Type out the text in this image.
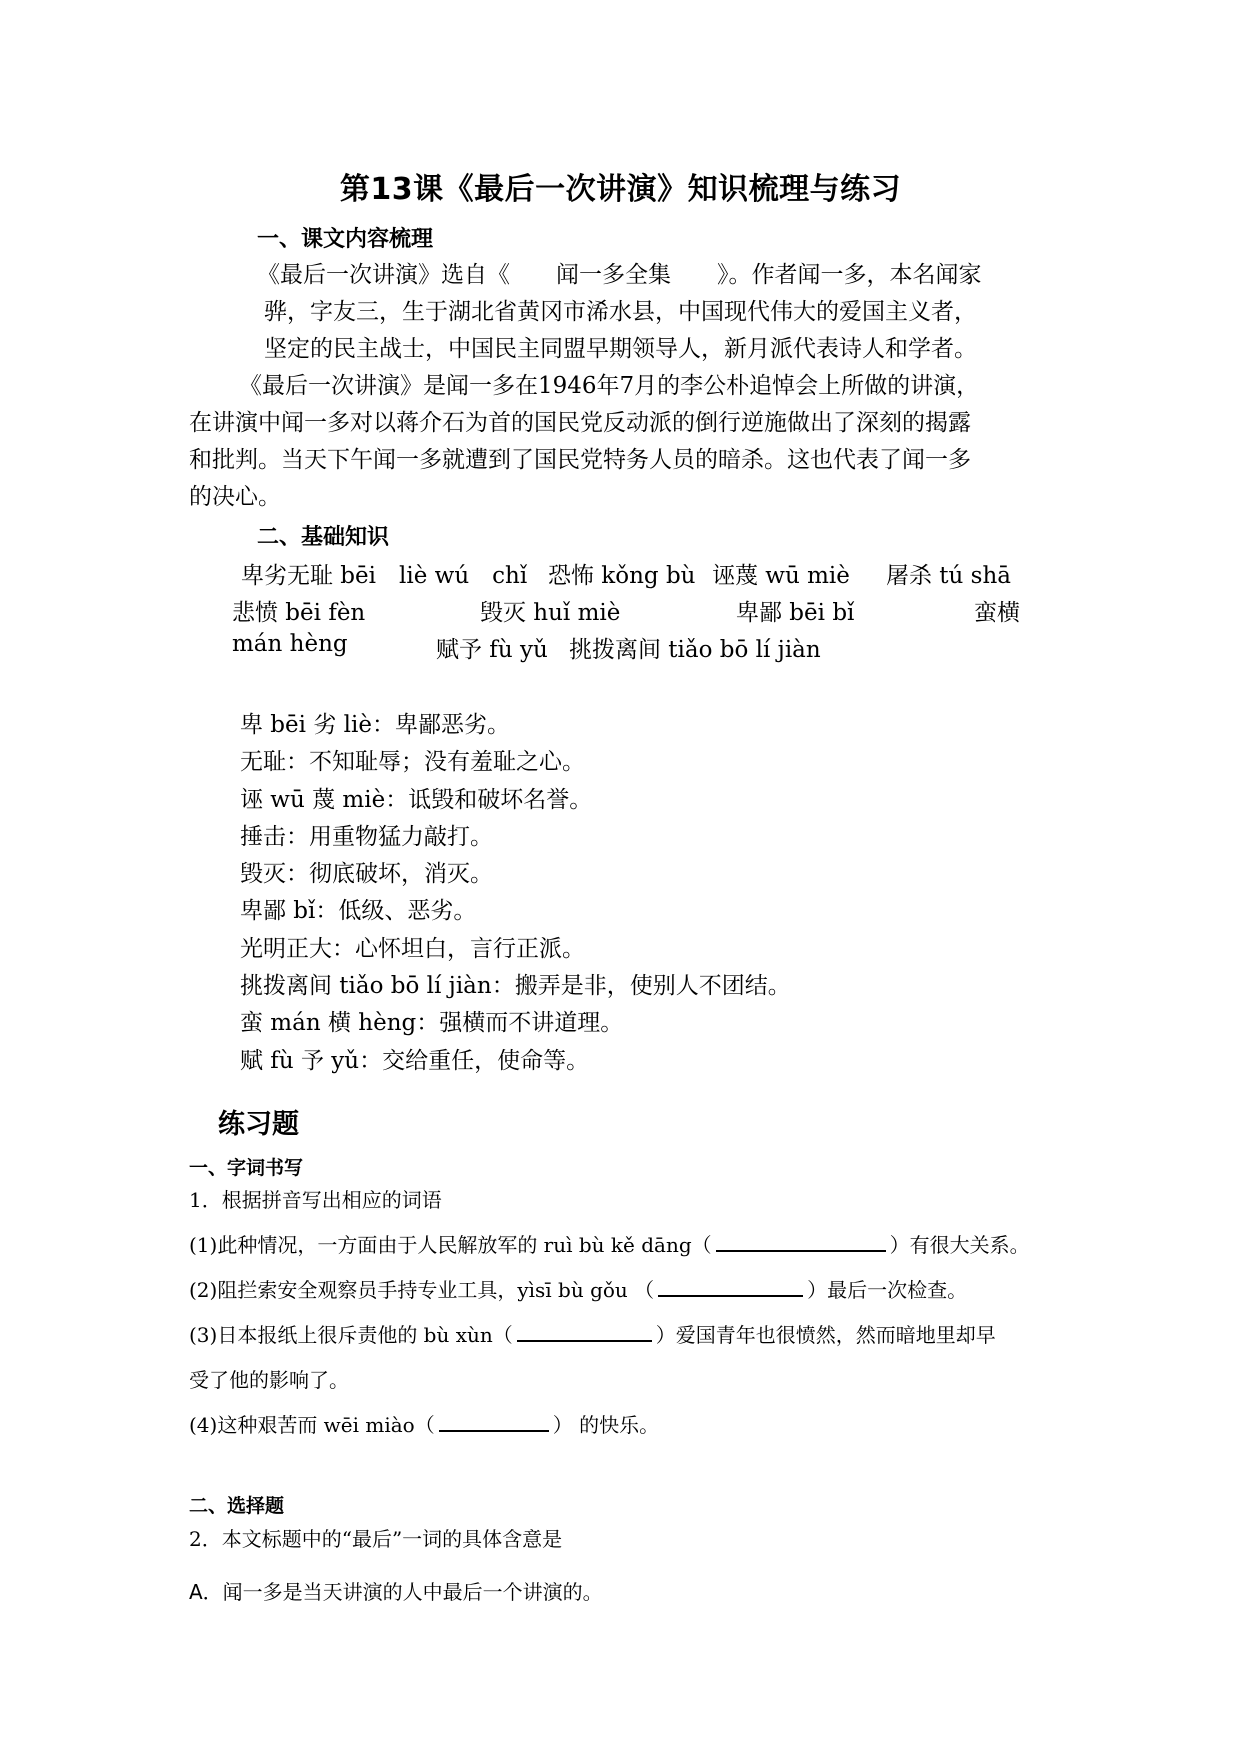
第13课《最后一次讲演》知识梳理与练习
一、课文内容梳理
《最后一次讲演》选自《　　闻一多全集　　》。作者闻一多，本名闻家
　骅，字友三，生于湖北省黄冈市浠水县，中国现代伟大的爱国主义者，
　坚定的民主战士，中国民主同盟早期领导人，新月派代表诗人和学者。
《最后一次讲演》是闻一多在1946年7月的李公朴追悼会上所做的讲演，
在讲演中闻一多对以蒋介石为首的国民党反动派的倒行逆施做出了深刻的揭露
和批判。当天下午闻一多就遭到了国民党特务人员的暗杀。这也代表了闻一多
的决心。
二、基础知识
卑劣无耻 bēi　liè wú　chǐ 恐怖 kǒng bù 诬蔑 wū miè 屠杀 tú shā
悲愤 bēi fèn	毁灭 huǐ miè	卑鄙 bēi bǐ	蛮横
mán hèng	赋予 fù yǔ 挑拨离间 tiǎo bō lí jiàn
卑 bēi 劣 liè：卑鄙恶劣。
无耻：不知耻辱；没有羞耻之心。
诬 wū 蔑 miè：诋毁和破坏名誉。
捶击：用重物猛力敲打。
毁灭：彻底破坏，消灭。
卑鄙 bǐ：低级、恶劣。
光明正大：心怀坦白，言行正派。
挑拨离间 tiǎo bō lí jiàn：搬弄是非，使别人不团结。
蛮 mán 横 hèng：强横而不讲道理。
赋 fù 予 yǔ：交给重任，使命等。
练习题
一、字词书写
1．根据拼音写出相应的词语
(1)此种情况，一方面由于人民解放军的 ruì bù kě dāng（	）有很大关系。
(2)阻拦索安全观察员手持专业工具，yìsī bù gǒu （	）最后一次检查。
(3)日本报纸上很斥责他的 bù xùn（	）爱国青年也很愤然，然而暗地里却早
受了他的影响了。
(4)这种艰苦而 wēi miào（	） 的快乐。
二、选择题
2．本文标题中的“最后”一词的具体含意是
A．闻一多是当天讲演的人中最后一个讲演的。
